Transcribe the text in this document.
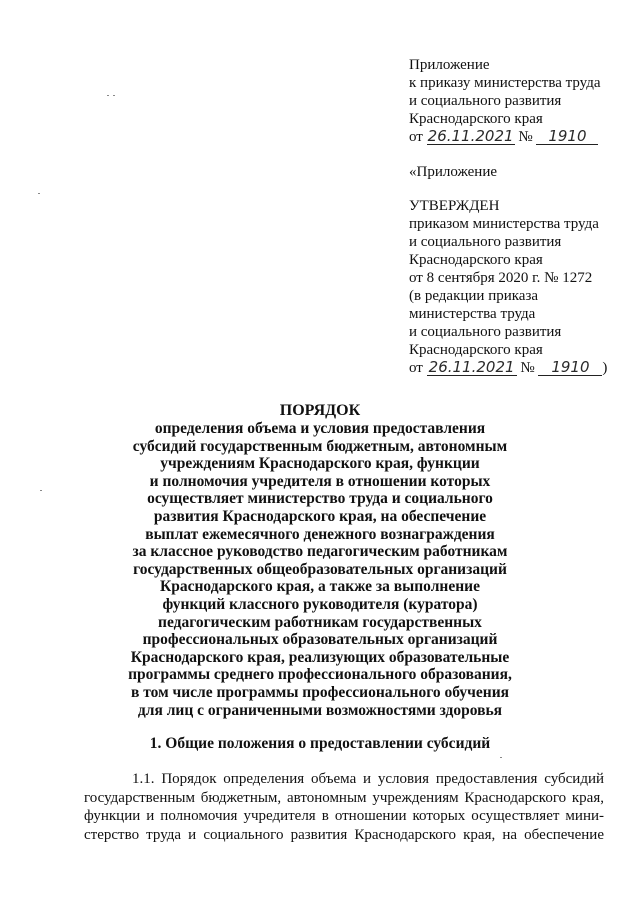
Приложение
к приказу министерства труда
и социального развития
Краснодарского края
от 26.11.2021 № 1910
«Приложение
УТВЕРЖДЕН
приказом министерства труда
и социального развития
Краснодарского края
от 8 сентября 2020 г. № 1272
(в редакции приказа
министерства труда
и социального развития
Краснодарского края
от 26.11.2021 № 1910 )
ПОРЯДОК
определения объема и условия предоставления
субсидий государственным бюджетным, автономным
учреждениям Краснодарского края, функции
и полномочия учредителя в отношении которых
осуществляет министерство труда и социального
развития Краснодарского края, на обеспечение
выплат ежемесячного денежного вознаграждения
за классное руководство педагогическим работникам
государственных общеобразовательных организаций
Краснодарского края, а также за выполнение
функций классного руководителя (куратора)
педагогическим работникам государственных
профессиональных образовательных организаций
Краснодарского края, реализующих образовательные
программы среднего профессионального образования,
в том числе программы профессионального обучения
для лиц с ограниченными возможностями здоровья
1. Общие положения о предоставлении субсидий
1.1. Порядок определения объема и условия предоставления субсидий
государственным бюджетным, автономным учреждениям Краснодарского края,
функции и полномочия учредителя в отношении которых осуществляет мини-
стерство труда и социального развития Краснодарского края, на обеспечение
